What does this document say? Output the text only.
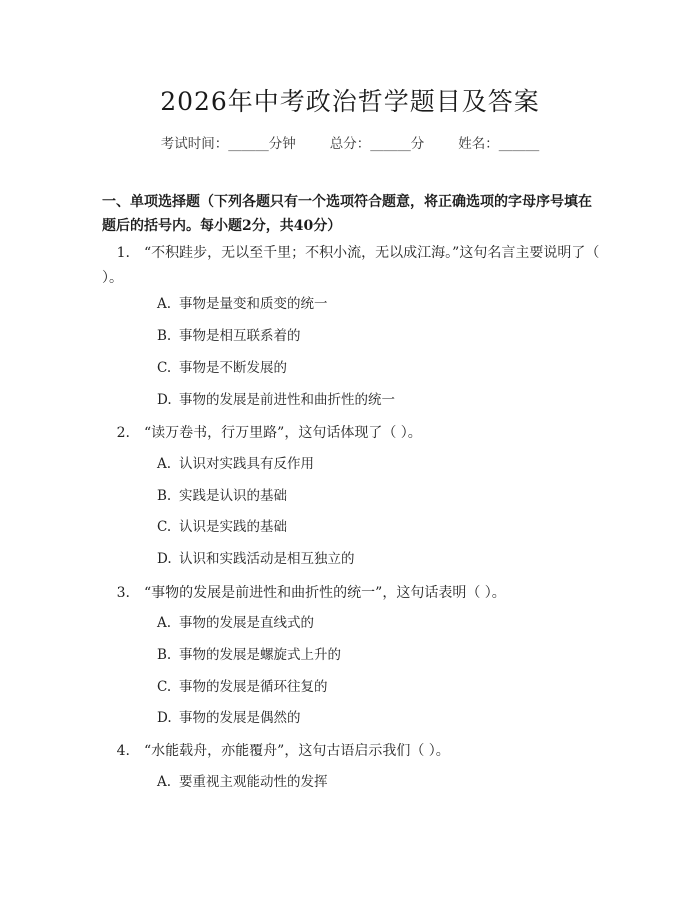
2026年中考政治哲学题目及答案
考试时间：______分钟	总分：______分	姓名：______
一、单项选择题（下列各题只有一个选项符合题意，将正确选项的字母序号填在题后的括号内。每小题2分，共40分）
1. “不积跬步，无以至千里；不积小流，无以成江海。”这句名言主要说明了（ ）。
A. 事物是量变和质变的统一
B. 事物是相互联系着的
C. 事物是不断发展的
D. 事物的发展是前进性和曲折性的统一
2. “读万卷书，行万里路”，这句话体现了（ ）。
A. 认识对实践具有反作用
B. 实践是认识的基础
C. 认识是实践的基础
D. 认识和实践活动是相互独立的
3. “事物的发展是前进性和曲折性的统一”，这句话表明（ ）。
A. 事物的发展是直线式的
B. 事物的发展是螺旋式上升的
C. 事物的发展是循环往复的
D. 事物的发展是偶然的
4. “水能载舟，亦能覆舟”，这句古语启示我们（ ）。
A. 要重视主观能动性的发挥
